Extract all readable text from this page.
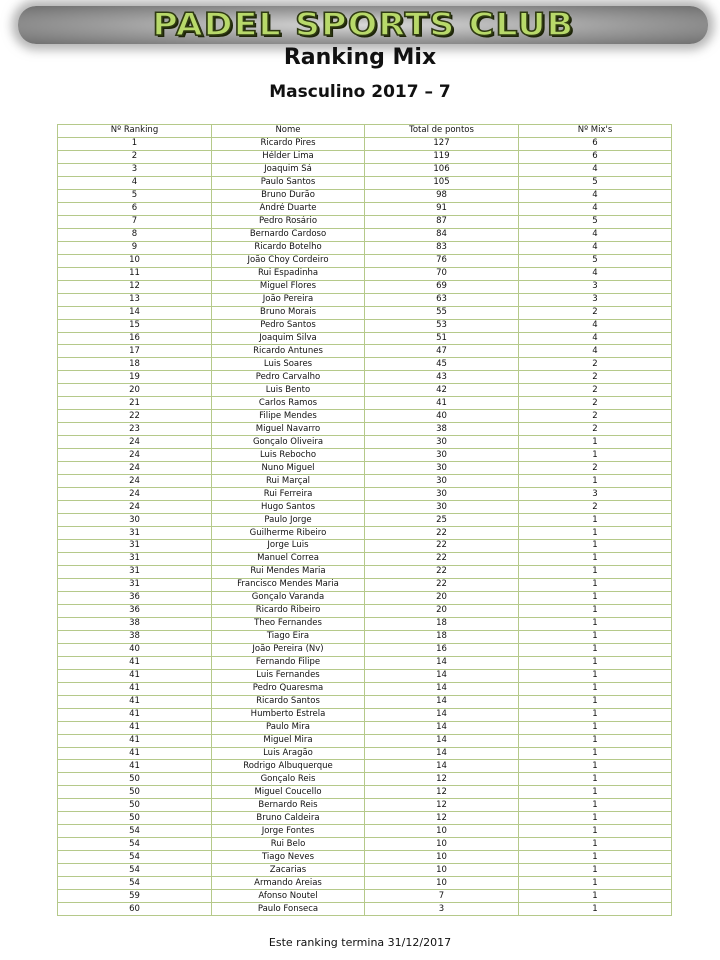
PADEL SPORTS CLUB
Ranking Mix
Masculino 2017 – 7
Nº Ranking	Nome	Total de pontos	Nº Mix's
1	Ricardo Pires	127	6
2	Hélder Lima	119	6
3	Joaquim Sá	106	4
4	Paulo Santos	105	5
5	Bruno Durão	98	4
6	André Duarte	91	4
7	Pedro Rosário	87	5
8	Bernardo Cardoso	84	4
9	Ricardo Botelho	83	4
10	João Choy Cordeiro	76	5
11	Rui Espadinha	70	4
12	Miguel Flores	69	3
13	João Pereira	63	3
14	Bruno Morais	55	2
15	Pedro Santos	53	4
16	Joaquim Silva	51	4
17	Ricardo Antunes	47	4
18	Luis Soares	45	2
19	Pedro Carvalho	43	2
20	Luis Bento	42	2
21	Carlos Ramos	41	2
22	Filipe Mendes	40	2
23	Miguel Navarro	38	2
24	Gonçalo Oliveira	30	1
24	Luis Rebocho	30	1
24	Nuno Miguel	30	2
24	Rui Marçal	30	1
24	Rui Ferreira	30	3
24	Hugo Santos	30	2
30	Paulo Jorge	25	1
31	Guilherme Ribeiro	22	1
31	Jorge Luis	22	1
31	Manuel Correa	22	1
31	Rui Mendes Maria	22	1
31	Francisco Mendes Maria	22	1
36	Gonçalo Varanda	20	1
36	Ricardo Ribeiro	20	1
38	Theo Fernandes	18	1
38	Tiago Eira	18	1
40	João Pereira (Nv)	16	1
41	Fernando Filipe	14	1
41	Luis Fernandes	14	1
41	Pedro Quaresma	14	1
41	Ricardo Santos	14	1
41	Humberto Estrela	14	1
41	Paulo Mira	14	1
41	Miguel Mira	14	1
41	Luis Aragão	14	1
41	Rodrigo Albuquerque	14	1
50	Gonçalo Reis	12	1
50	Miguel Coucello	12	1
50	Bernardo Reis	12	1
50	Bruno Caldeira	12	1
54	Jorge Fontes	10	1
54	Rui Belo	10	1
54	Tiago Neves	10	1
54	Zacarias	10	1
54	Armando Areias	10	1
59	Afonso Noutel	7	1
60	Paulo Fonseca	3	1
Este ranking termina 31/12/2017
